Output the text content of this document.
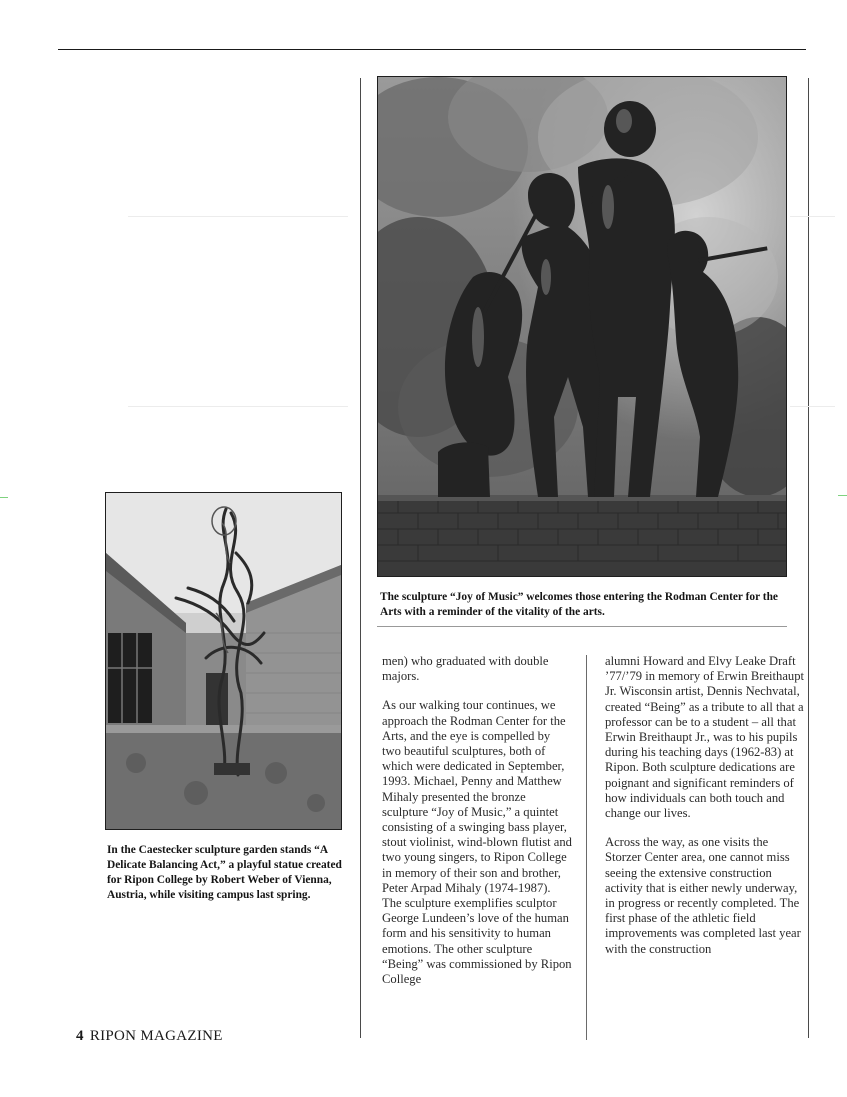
The sculpture “Joy of Music” welcomes those entering the Rodman Center for the Arts with a reminder of the vitality of the arts.
In the Caestecker sculpture garden stands “A Delicate Balancing Act,” a playful statue created for Ripon College by Robert Weber of Vienna, Austria, while visiting campus last spring.

men) who graduated with double majors.

As our walking tour continues, we approach the Rodman Center for the Arts, and the eye is compelled by two beautiful sculptures, both of which were dedicated in September, 1993. Michael, Penny and Matthew Mihaly presented the bronze sculpture “Joy of Music,” a quintet consisting of a swinging bass player, stout violinist, wind-blown flutist and two young singers, to Ripon College in memory of their son and brother, Peter Arpad Mihaly (1974-1987). The sculpture exemplifies sculptor George Lundeen’s love of the human form and his sensitivity to human emotions. The other sculpture “Being” was commissioned by Ripon College

alumni Howard and Elvy Leake Draft ’77/’79 in memory of Erwin Breithaupt Jr. Wisconsin artist, Dennis Nechvatal, created “Being” as a tribute to all that a professor can be to a student – all that Erwin Breithaupt Jr., was to his pupils during his teaching days (1962-83) at Ripon. Both sculpture dedications are poignant and significant reminders of how individuals can both touch and change our lives.

Across the way, as one visits the Storzer Center area, one cannot miss seeing the extensive construction activity that is either newly underway, in progress or recently completed. The first phase of the athletic field improvements was completed last year with the construction

4 RIPON MAGAZINE
